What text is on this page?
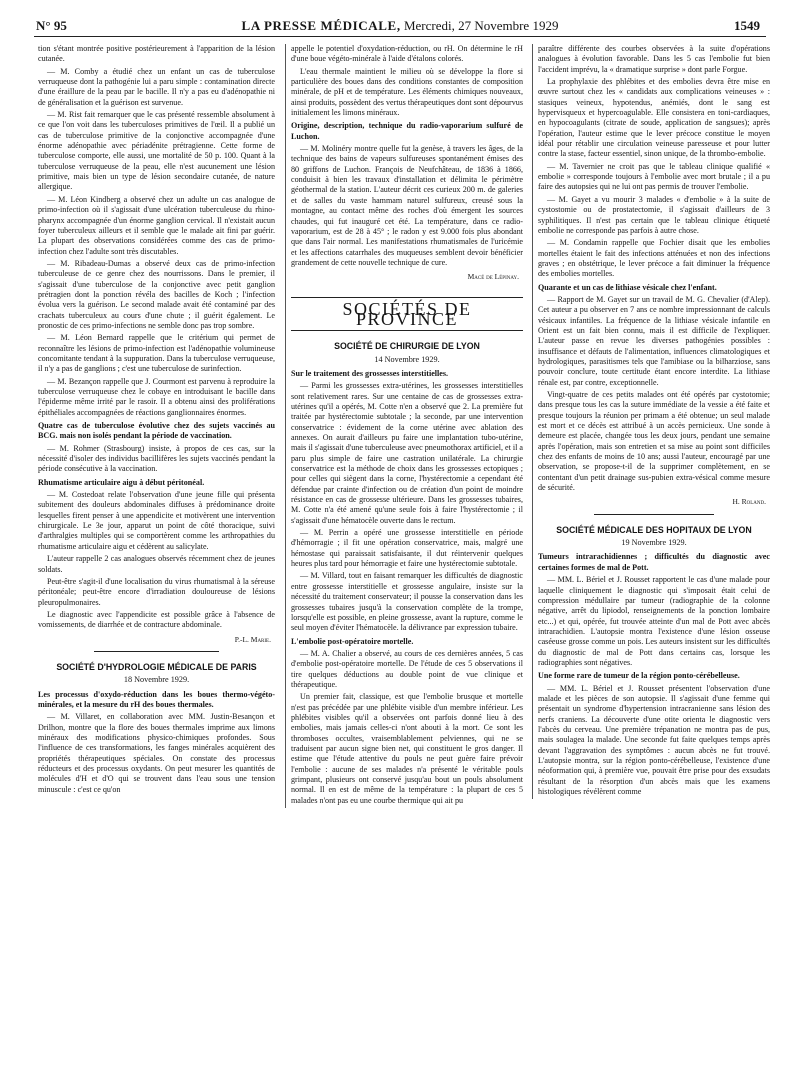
N° 95	LA PRESSE MÉDICALE, Mercredi, 27 Novembre 1929	1549

tion s'étant montrée positive postérieurement à l'apparition de la lésion cutanée.

— M. Comby a étudié chez un enfant un cas de tuberculose verruqueuse dont la pathogénie lui a paru simple : contamination directe d'une éraillure de la peau par le bacille. Il n'y a pas eu d'adénopathie ni de généralisation et la guérison est survenue.

— M. Rist fait remarquer que le cas présenté ressemble absolument à ce que l'on voit dans les tuberculoses primitives de l'œil. Il a publié un cas de tuberculose primitive de la conjonctive accompagnée d'une énorme adénopathie avec périadénite prétragienne. Cette forme de tuberculose comporte, elle aussi, une mortalité de 50 p. 100. Quant à la tuberculose verruqueuse de la peau, elle n'est aucunement une lésion primitive, mais bien un type de lésion secondaire cutanée, de nature allergique.

— M. Léon Kindberg a observé chez un adulte un cas analogue de primo-infection où il s'agissait d'une ulcération tuberculeuse du rhino-pharynx accompagnée d'un énorme ganglion cervical. Il n'existait aucun foyer tuberculeux ailleurs et il semble que le malade ait fini par guérir. La plupart des observations considérées comme des cas de primo-infection chez l'adulte sont très discutables.

— M. Ribadeau-Dumas a observé deux cas de primo-infection tuberculeuse de ce genre chez des nourrissons. Dans le premier, il s'agissait d'une tuberculose de la conjonctive avec petit ganglion prétragien dont la ponction révéla des bacilles de Koch ; l'infection évolua vers la guérison. Le second malade avait été contaminé par des crachats tuberculeux au cours d'une chute ; il guérit également. Le pronostic de ces primo-infections ne semble donc pas trop sombre.

— M. Léon Bernard rappelle que le critérium qui permet de reconnaître les lésions de primo-infection est l'adénopathie volumineuse concomitante tendant à la suppuration. Dans la tuberculose verruqueuse, il n'y a pas de ganglions ; c'est une tuberculose de surinfection.

— M. Bezançon rappelle que J. Courmont est parvenu à reproduire la tuberculose verruqueuse chez le cobaye en introduisant le bacille dans l'épiderme même irrité par le rasoir. Il a obtenu ainsi des proliférations épithéliales accompagnées de réactions ganglionnaires énormes.

Quatre cas de tuberculose évolutive chez des sujets vaccinés au BCG. mais non isolés pendant la période de vaccination.

— M. Rohmer (Strasbourg) insiste, à propos de ces cas, sur la nécessité d'isoler des individus bacillifères les sujets vaccinés pendant la période consécutive à la vaccination.

Rhumatisme articulaire aigu à début péritonéal.

— M. Costedoat relate l'observation d'une jeune fille qui présenta subitement des douleurs abdominales diffuses à prédominance droite lesquelles firent penser à une appendicite et motivèrent une intervention chirurgicale. Le 3e jour, apparut un point de côté thoracique, suivi d'arthralgies multiples qui se comportèrent comme les arthropathies du rhumatisme articulaire aigu et cédèrent au salicylate.

L'auteur rappelle 2 cas analogues observés récemment chez de jeunes soldats.

Peut-être s'agit-il d'une localisation du virus rhumatismal à la séreuse péritonéale; peut-être encore d'irradiation douloureuse de lésions pleuropulmonaires.

Le diagnostic avec l'appendicite est possible grâce à l'absence de vomissements, de diarrhée et de contracture abdominale.

P.-L. Marie.
SOCIÉTÉ D'HYDROLOGIE MÉDICALE DE PARIS
18 Novembre 1929.

Les processus d'oxydo-réduction dans les boues thermo-végéto-minérales, et la mesure du rH des boues thermales.

— M. Villaret, en collaboration avec MM. Justin-Besançon et Drilhon, montre que la flore des boues thermales imprime aux limons minéraux des modifications physico-chimiques profondes. Sous l'influence de ces transformations, les fanges minérales acquièrent des propriétés thérapeutiques spéciales. On constate des processus réducteurs et des processus oxydants. On peut mesurer les quantités de molécules d'H et d'O qui se trouvent dans l'eau sous une tension minuscule : c'est ce qu'on

appelle le potentiel d'oxydation-réduction, ou rH. On détermine le rH d'une boue végéto-minérale à l'aide d'étalons colorés.

L'eau thermale maintient le milieu où se développe la flore si particulière des boues dans des conditions constantes de composition minérale, de pH et de température. Les éléments chimiques nouveaux, ainsi produits, possèdent des vertus thérapeutiques dont sont dépourvus initialement les limons minéraux.

Origine, description, technique du radio-vaporarium sulfuré de Luchon.

— M. Molinéry montre quelle fut la genèse, à travers les âges, de la technique des bains de vapeurs sulfureuses spontanément émises des 80 griffons de Luchon. François de Neufchâteau, de 1836 à 1866, conduisit à bien les travaux d'installation et délimita le périmètre géothermal de la station. L'auteur décrit ces curieux 200 m. de galeries et de salles du vaste hammam naturel sulfureux, creusé sous la montagne, au contact même des roches d'où émergent les sources chaudes, qui fut inauguré cet été. La température, dans ce radio-vaporarium, est de 28 à 45° ; le radon y est 9.000 fois plus abondant que dans l'air normal. Les manifestations rhumatismales de l'uricémie et les affections catarrhales des muqueuses semblent devoir bénéficier grandement de cette nouvelle technique de cure.

Macé de Lépinay.
SOCIÉTÉS DE PROVINCE
SOCIÉTÉ DE CHIRURGIE DE LYON
14 Novembre 1929.

Sur le traitement des grossesses interstitielles.

— Parmi les grossesses extra-utérines, les grossesses interstitielles sont relativement rares. Sur une centaine de cas de grossesses extra-utérines qu'il a opérés, M. Cotte n'en a observé que 2. La première fut traitée par hystérectomie subtotale ; la seconde, par une intervention conservatrice : évidement de la corne utérine avec ablation des annexes. On aurait d'ailleurs pu faire une implantation tubo-utérine, mais il s'agissait d'une tuberculeuse avec pneumothorax artificiel, et il a paru plus simple de faire une castration unilatérale. La chirurgie conservatrice est la méthode de choix dans les grossesses ectopiques ; pour celles qui siègent dans la corne, l'hystérectomie a cependant été défendue par crainte d'infection ou de création d'un point de moindre résistance en cas de grossesse ultérieure. Dans les grossesses tubaires, M. Cotte n'a été amené qu'une seule fois à faire l'hystérectomie ; il s'agissait d'une hématocèle ouverte dans le rectum.

— M. Perrin a opéré une grossesse interstitielle en période d'hémorragie ; il fit une opération conservatrice, mais, malgré une hémostase qui paraissait satisfaisante, il dut réintervenir quelques heures plus tard pour hémorragie et faire une hystérectomie subtotale.

— M. Villard, tout en faisant remarquer les difficultés de diagnostic entre grossesse interstitielle et grossesse angulaire, insiste sur la nécessité du traitement conservateur; il pousse la conservation dans les grossesses tubaires jusqu'à la conservation complète de la trompe, lorsqu'elle est possible, en pleine grossesse, avant la rupture, comme le seul moyen d'éviter l'hématocèle. la délivrance par expression tubaire.

L'embolie post-opératoire mortelle.

— M. A. Chalier a observé, au cours de ces dernières années, 5 cas d'embolie post-opératoire mortelle. De l'étude de ces 5 observations il tire quelques déductions au double point de vue clinique et thérapeutique.

Un premier fait, classique, est que l'embolie brusque et mortelle n'est pas précédée par une phlébite visible d'un membre inférieur. Les phlébites visibles qu'il a observées ont parfois donné lieu à des embolies, mais jamais celles-ci n'ont abouti à la mort. Ce sont les thromboses occultes, vraisemblablement pelviennes, qui ne se traduisent par aucun signe bien net, qui constituent le gros danger. Il estime que l'étude attentive du pouls ne peut guère faire prévoir l'embolie : aucune de ses malades n'a présenté le véritable pouls grimpant, plusieurs ont conservé jusqu'au bout un pouls absolument normal. Il en est de même de la température : la plupart de ces 5 malades n'ont pas eu une courbe thermique qui ait pu

paraître différente des courbes observées à la suite d'opérations analogues à évolution favorable. Dans les 5 cas l'embolie fut bien l'accident imprévu, la « dramatique surprise » dont parle Forgue.

La prophylaxie des phlébites et des embolies devra être mise en œuvre surtout chez les « candidats aux complications veineuses » : stasiques veineux, hypotendus, anémiés, dont le sang est hypervisqueux et hypercoagulable. Elle consistera en toni-cardiaques, en hypocoagulants (citrate de soude, application de sangsues); après l'opération, l'auteur estime que le lever précoce constitue le moyen idéal pour rétablir une circulation veineuse paresseuse et pour lutter contre la stase, facteur essentiel, sinon unique, de la thrombo-embolie.

— M. Tavernier ne croit pas que le tableau clinique qualifié « embolie » corresponde toujours à l'embolie avec mort brutale ; il a pu faire des autopsies qui ne lui ont pas permis de trouver l'embolie.

— M. Gayet a vu mourir 3 malades « d'embolie » à la suite de cystostomie ou de prostatectomie, il s'agissait d'ailleurs de 3 syphilitiques. Il n'est pas certain que le tableau clinique étiqueté embolie ne corresponde pas parfois à autre chose.

— M. Condamin rappelle que Fochier disait que les embolies mortelles étaient le fait des infections atténuées et non des infections graves ; en obstétrique, le lever précoce a fait diminuer la fréquence des embolies mortelles.

Quarante et un cas de lithiase vésicale chez l'enfant.

— Rapport de M. Gayet sur un travail de M. G. Chevalier (d'Alep). Cet auteur a pu observer en 7 ans ce nombre impressionnant de calculs vésicaux infantiles. La fréquence de la lithiase vésicale infantile en Orient est un fait bien connu, mais il est difficile de l'expliquer. L'auteur passe en revue les diverses pathogénies possibles : insuffisance et défauts de l'alimentation, influences climatologiques et hydrologiques, parasitismes tels que l'amibiase ou la bilharziose, sans pouvoir conclure, toute certitude étant encore interdite. La lithiase rénale est, par contre, exceptionnelle.

Vingt-quatre de ces petits malades ont été opérés par cystotomie; dans presque tous les cas la suture immédiate de la vessie a été faite et presque toujours la réunion per primam a été obtenue; un seul malade est mort et ce décès est attribué à un accès pernicieux. Une sonde à demeure est placée, changée tous les deux jours, pendant une semaine après l'opération, mais son entretien et sa mise au point sont difficiles chez des enfants de moins de 10 ans; aussi l'auteur, encouragé par une observation, se propose-t-il de la supprimer complètement, en se contentant d'un petit drainage sus-pubien extra-vésical comme mesure de sécurité.

H. Roland.
SOCIÉTÉ MÉDICALE DES HOPITAUX DE LYON
19 Novembre 1929.

Tumeurs intrarachidiennes ; difficultés du diagnostic avec certaines formes de mal de Pott.

— MM. L. Bériel et J. Rousset rapportent le cas d'une malade pour laquelle cliniquement le diagnostic qui s'imposait était celui de compression médullaire par tumeur (radiographie de la colonne négative, arrêt du lipiodol, renseignements de la ponction lombaire etc...) et qui, opérée, fut trouvée atteinte d'un mal de Pott avec abcès intrarachidien. L'autopsie montra l'existence d'une lésion osseuse caséeuse grosse comme un pois. Les auteurs insistent sur les difficultés du diagnostic de mal de Pott dans certains cas, lorsque les radiographies sont négatives.

Une forme rare de tumeur de la région ponto-cérébelleuse.

— MM. L. Bériel et J. Rousset présentent l'observation d'une malade et les pièces de son autopsie. Il s'agissait d'une femme qui présentait un syndrome d'hypertension intracranienne sans lésion des nerfs craniens. La découverte d'une otite orienta le diagnostic vers l'abcès du cerveau. Une première trépanation ne montra pas de pus, mais soulagea la malade. Une seconde fut faite quelques temps après devant l'aggravation des symptômes : aucun abcès ne fut trouvé. L'autopsie montra, sur la région ponto-cérébelleuse, l'existence d'une néoformation qui, à première vue, pouvait être prise pour des exsudats résultant de la résorption d'un abcès mais que les examens histologiques révélèrent comme
